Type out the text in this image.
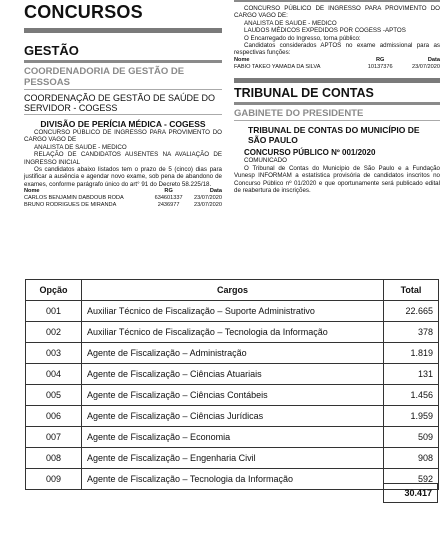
CONCURSOS
GESTÃO
COORDENADORIA DE GESTÃO DE PESSOAS
COORDENAÇÃO DE GESTÃO DE SAÚDE DO SERVIDOR - COGESS
DIVISÃO DE PERÍCIA MÉDICA - COGESS
CONCURSO PÚBLICO DE INGRESSO PARA PROVIMENTO DO CARGO VAGO DE
ANALISTA DE SAUDE - MEDICO
RELAÇÃO DE CANDIDATOS AUSENTES NA AVALIAÇÃO DE INGRESSO INICIAL
Os candidatos abaixo listados tem o prazo de 5 (cinco) dias para justificar a ausência e agendar novo exame, sob pena de abandono de exames, conforme parágrafo único do art° 91 do Decreto 58.225/18.
Nome	RG	Data
CARLOS BENJAMIN DABDOUB RODA	634601337	23/07/2020
BRUNO RODRIGUES DE MIRANDA	2436977	23/07/2020
CONCURSO PÚBLICO DE INGRESSO PARA PROVIMENTO DO CARGO VAGO DE:
ANALISTA DE SAUDE - MEDICO
LAUDOS MÉDICOS EXPEDIDOS POR COGESS -APTOS
O Encarregado do Ingresso, torna público:
Candidatos considerados APTOS no exame admissional para as respectivas funções:
Nome	RG	Data
FABIO TAKEO YAMADA DA SILVA	10137376	23/07/2020
TRIBUNAL DE CONTAS
GABINETE DO PRESIDENTE
TRIBUNAL DE CONTAS DO MUNICÍPIO DE SÃO PAULO
CONCURSO PÚBLICO Nº 001/2020
COMUNICADO
O Tribunal de Contas do Município de São Paulo e a Fundação Vunesp INFORMAM a estatística provisória de candidatos inscritos no Concurso Público nº 01/2020 e que oportunamente será publicado edital de reabertura de inscrições.
Opção	Cargos	Total
001	Auxiliar Técnico de Fiscalização – Suporte Administrativo	22.665
002	Auxiliar Técnico de Fiscalização – Tecnologia da Informação	378
003	Agente de Fiscalização – Administração	1.819
004	Agente de Fiscalização – Ciências Atuariais	131
005	Agente de Fiscalização – Ciências Contábeis	1.456
006	Agente de Fiscalização – Ciências Jurídicas	1.959
007	Agente de Fiscalização – Economia	509
008	Agente de Fiscalização – Engenharia Civil	908
009	Agente de Fiscalização – Tecnologia da Informação	592
30.417
